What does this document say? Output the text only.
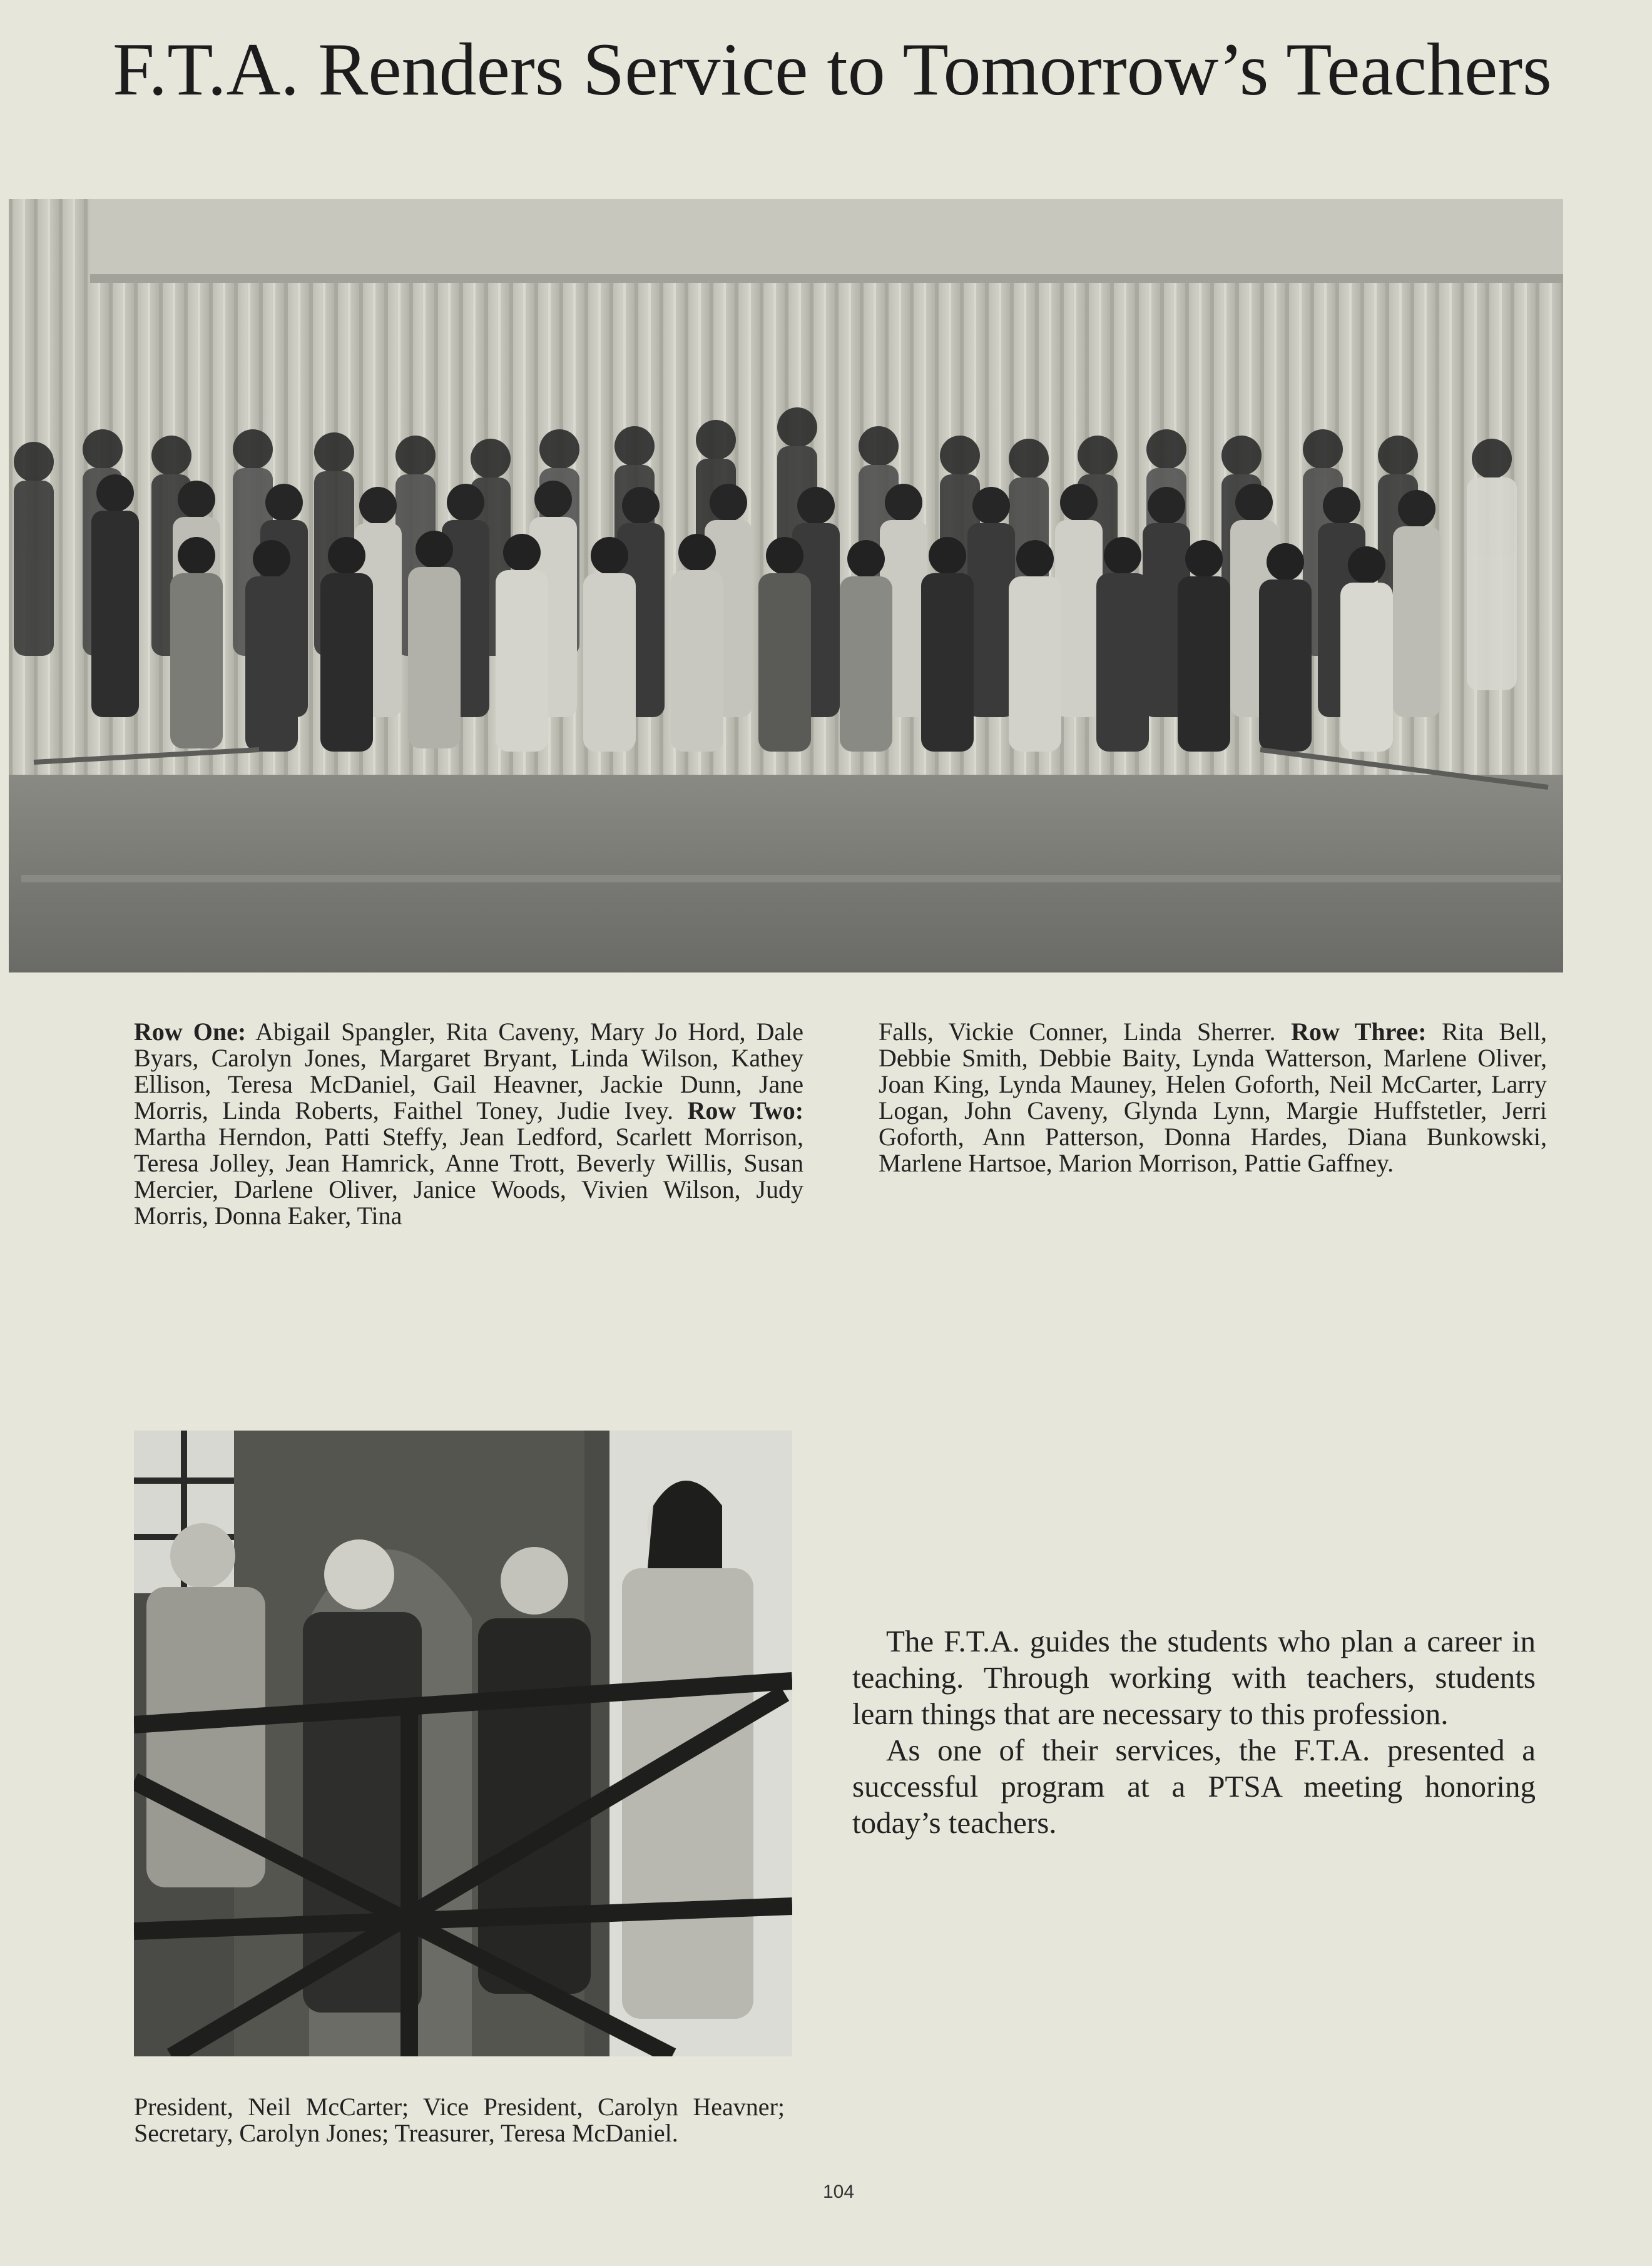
F.T.A. Renders Service to Tomorrow’s Teachers
Row One: Abigail Spangler, Rita Caveny, Mary Jo Hord, Dale Byars, Carolyn Jones, Margaret Bryant, Linda Wilson, Kathey Ellison, Teresa McDaniel, Gail Heavner, Jackie Dunn, Jane Morris, Linda Roberts, Faithel Toney, Judie Ivey. Row Two: Martha Herndon, Patti Steffy, Jean Ledford, Scarlett Morrison, Teresa Jolley, Jean Hamrick, Anne Trott, Beverly Willis, Susan Mercier, Darlene Oliver, Janice Woods, Vivien Wilson, Judy Morris, Donna Eaker, Tina
Falls, Vickie Conner, Linda Sherrer. Row Three: Rita Bell, Debbie Smith, Debbie Baity, Lynda Watterson, Marlene Oliver, Joan King, Lynda Mauney, Helen Goforth, Neil McCarter, Larry Logan, John Caveny, Glynda Lynn, Margie Huffstetler, Jerri Goforth, Ann Patterson, Donna Hardes, Diana Bunkowski, Marlene Hartsoe, Marion Morrison, Pattie Gaffney.
President, Neil McCarter; Vice President, Carolyn Heavner; Secretary, Carolyn Jones; Treasurer, Teresa McDaniel.

The F.T.A. guides the students who plan a career in teaching. Through working with teachers, students learn things that are necessary to this profession.

As one of their services, the F.T.A. presented a successful program at a PTSA meeting honoring today’s teachers.

104
